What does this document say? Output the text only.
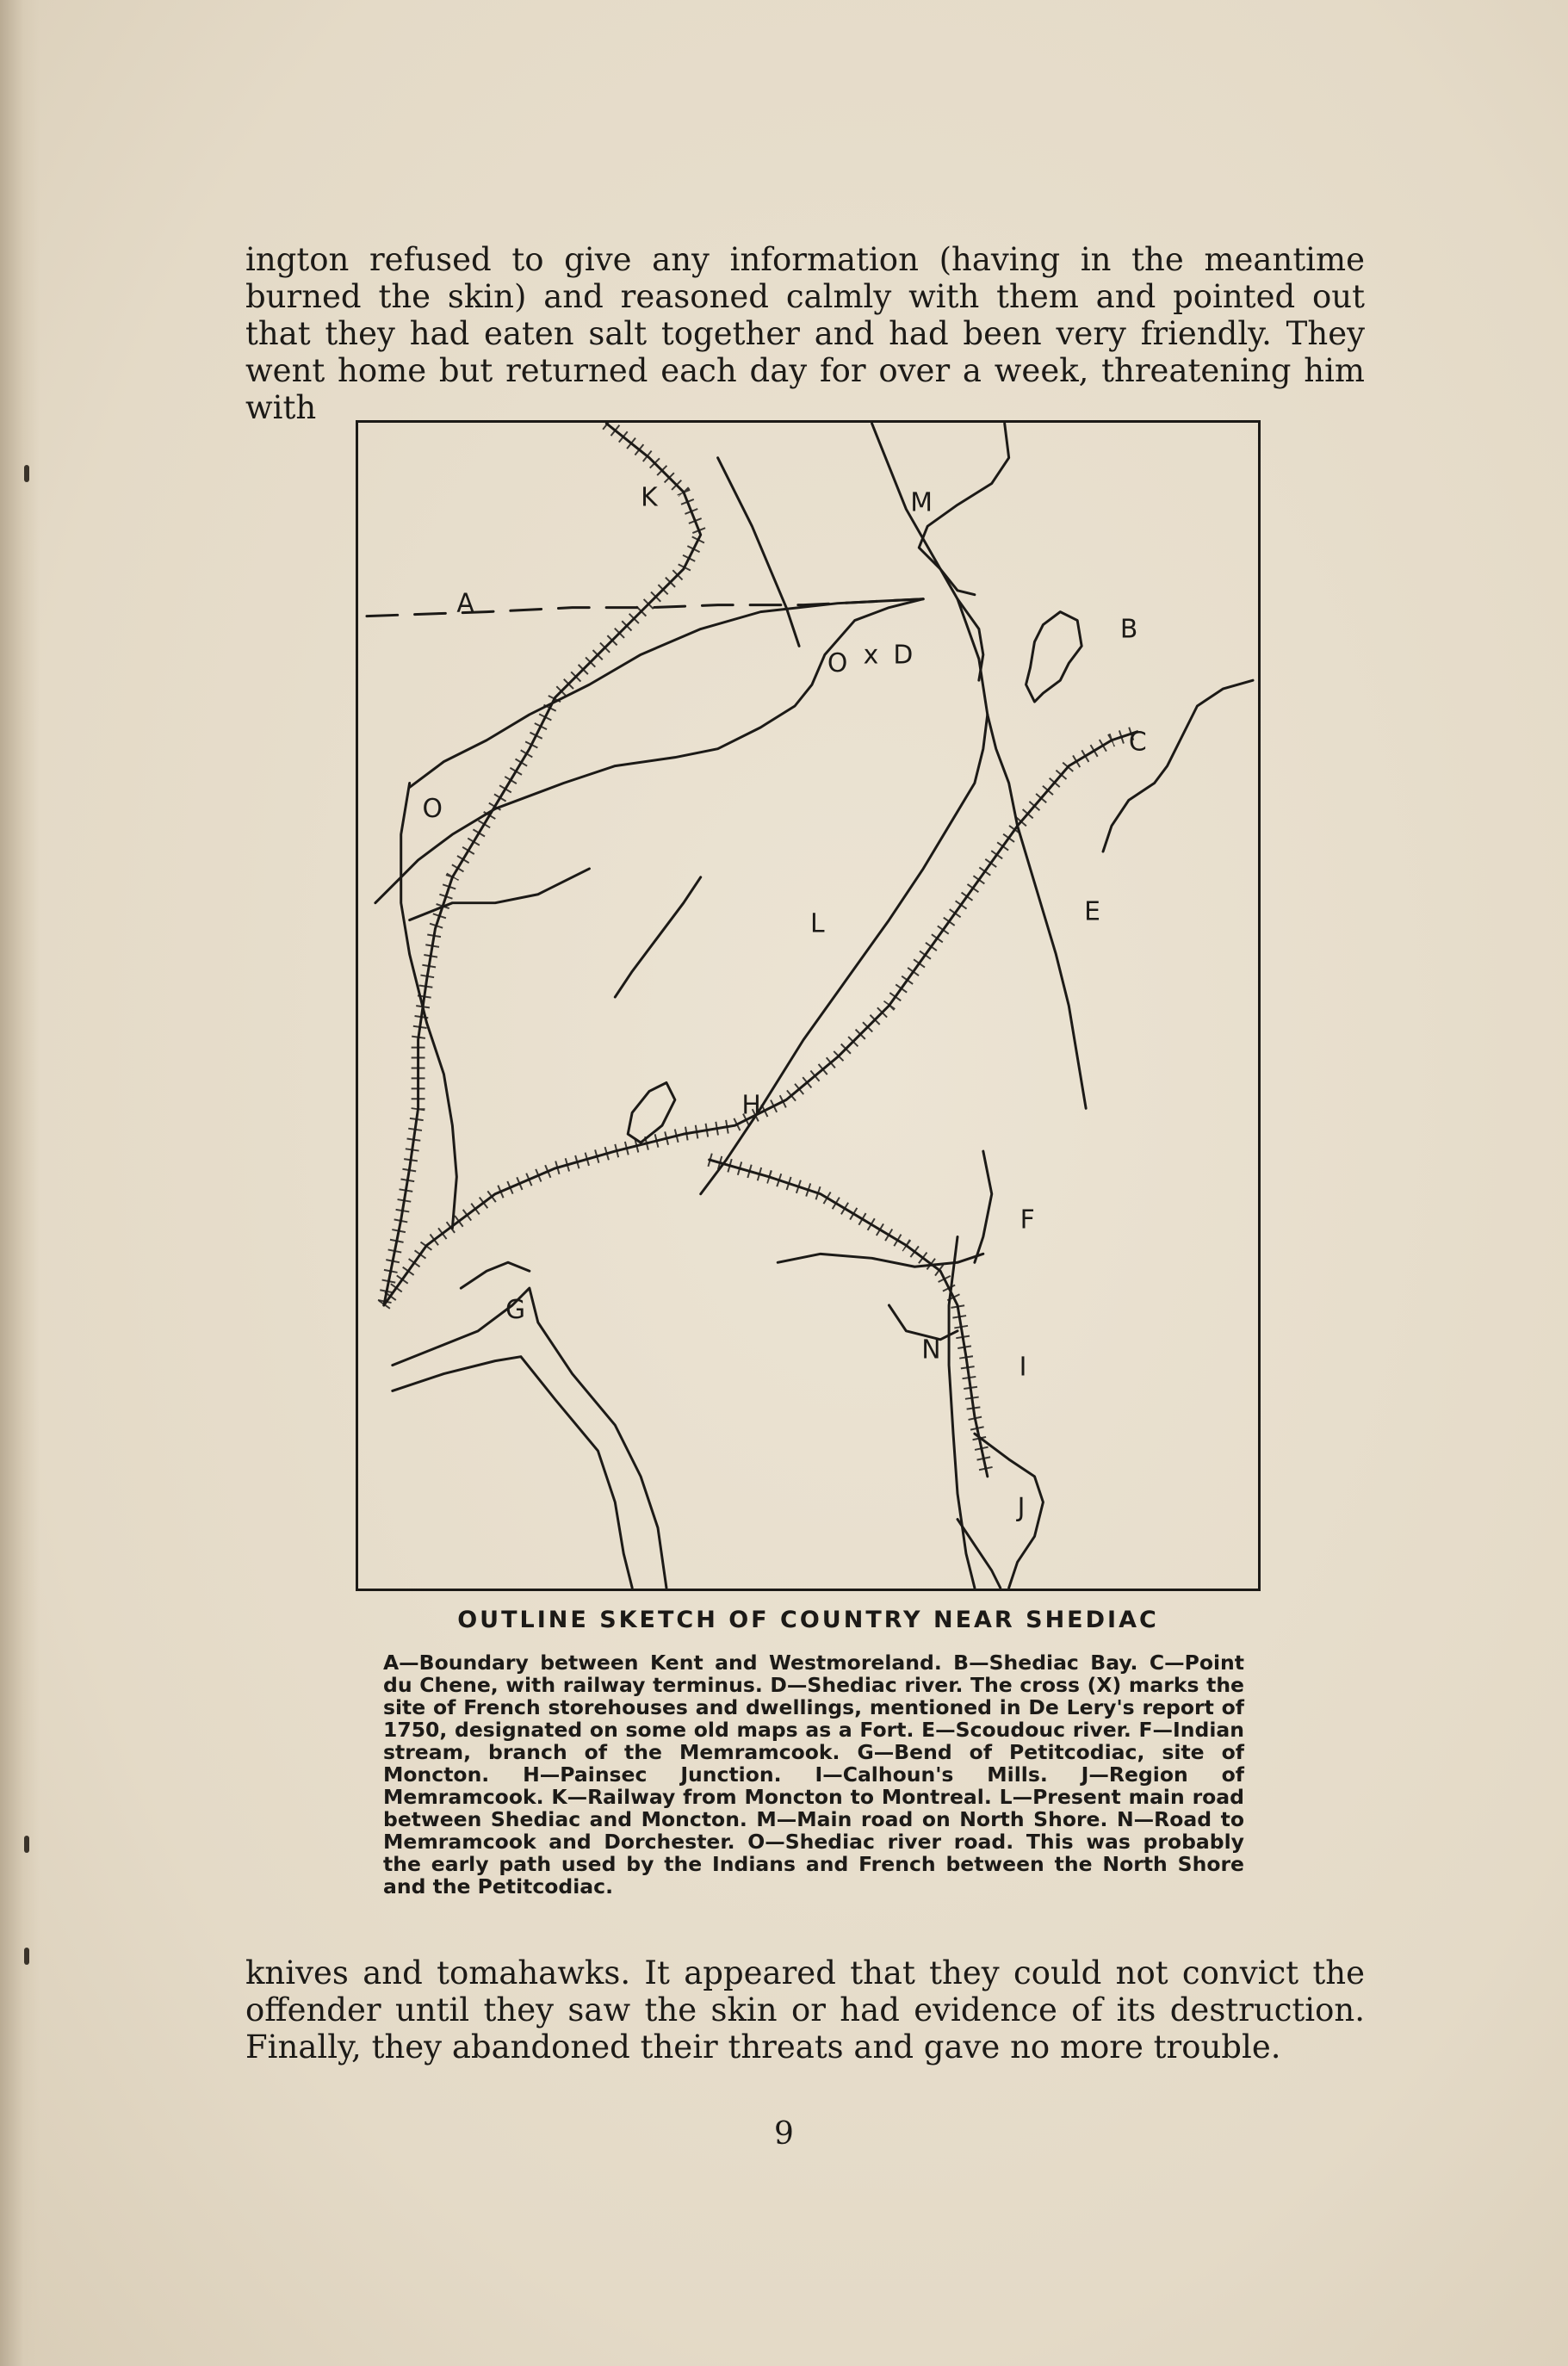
ington refused to give any information (having in the meantime burned the skin) and reasoned calmly with them and pointed out that they had eaten salt together and had been very friendly. They went home but returned each day for over a week, threatening him with

A
B
C
D
E
F
G
H
I
J
K
L
M
N
O
O x
OUTLINE SKETCH OF COUNTRY NEAR SHEDIAC

A—Boundary between Kent and Westmoreland. B—Shediac Bay. C—Point du Chene, with railway terminus. D—Shediac river. The cross (X) marks the site of French storehouses and dwellings, mentioned in De Lery's report of 1750, designated on some old maps as a Fort. E—Scoudouc river. F—Indian stream, branch of the Memramcook. G—Bend of Petitcodiac, site of Moncton. H—Painsec Junction. I—Calhoun's Mills. J—Region of Memramcook. K—Railway from Moncton to Montreal. L—Present main road between Shediac and Moncton. M—Main road on North Shore. N—Road to Memramcook and Dorchester. O—Shediac river road. This was probably the early path used by the Indians and French between the North Shore and the Petitcodiac.

knives and tomahawks. It appeared that they could not convict the offender until they saw the skin or had evidence of its destruction. Finally, they abandoned their threats and gave no more trouble.

9
